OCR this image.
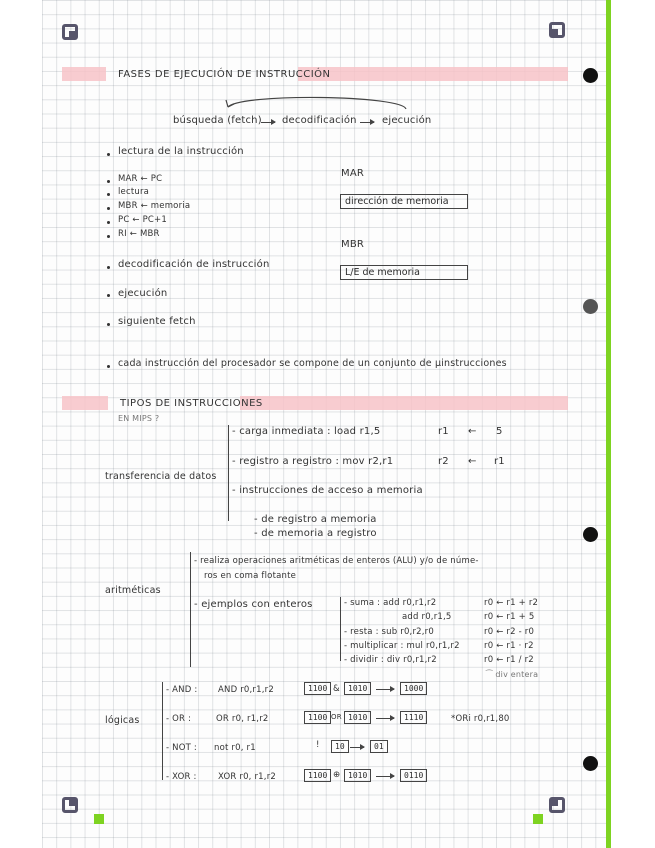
FASES DE EJECUCIÓN DE INSTRUCCIÓN
búsqueda (fetch) decodificación	ejecución
lectura de la instrucción
MAR ← PC
lectura
MBR ← memoria
PC ← PC+1
RI ← MBR
MAR
dirección de memoria
MBR
L/E de memoria
decodificación de instrucción
ejecución
siguiente fetch
cada instrucción del procesador se compone de un conjunto de µinstrucciones
TIPOS DE INSTRUCCIONES
EN MIPS ?
transferencia de datos
- carga inmediata : load r1,5	r1 ← 5
- registro a registro : mov r2,r1	r2 ← r1
- instrucciones de acceso a memoria
- de registro a memoria
- de memoria a registro
aritméticas
- realiza operaciones aritméticas de enteros (ALU) y/o de núme-
ros en coma flotante
- ejemplos con enteros	- suma : add r0,r1,r2	r0 ← r1 + r2
add r0,r1,5	r0 ← r1 + 5
- resta : sub r0,r2,r0	r0 ← r2 - r0
- multiplicar : mul r0,r1,r2	r0 ← r1 · r2
- dividir : div r0,r1,r2	r0 ← r1 / r2
⁀ div entera
lógicas
- AND : AND r0,r1,r2	1100 &	1010	1000
- OR :	OR r0, r1,r2	1100 OR 1010	1110	*ORi r0,r1,80
- NOT : not r0, r1	!	10	01
- XOR :	XOR r0, r1,r2	1100 ⊕ 1010	0110
